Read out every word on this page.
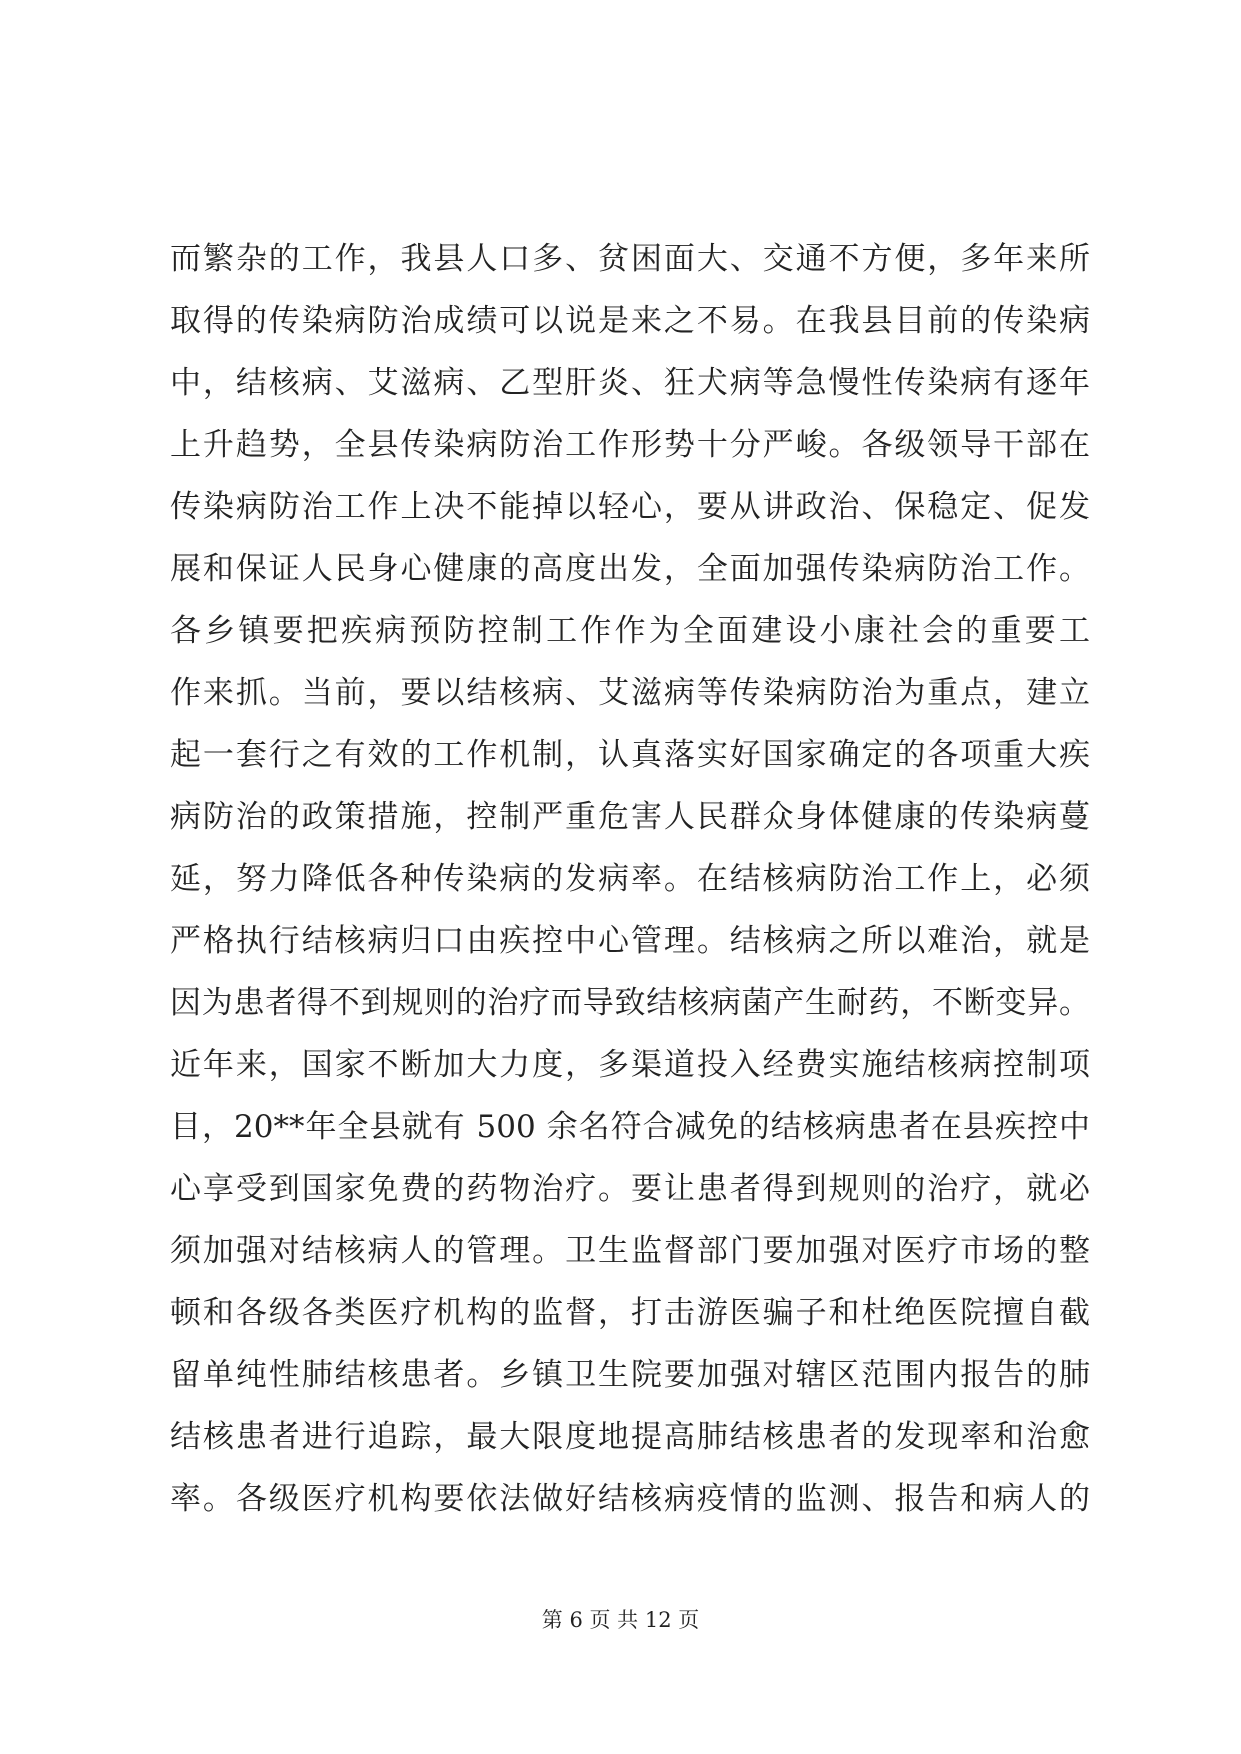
而繁杂的工作，我县人口多、贫困面大、交通不方便，多年来所
取得的传染病防治成绩可以说是来之不易。在我县目前的传染病
中，结核病、艾滋病、乙型肝炎、狂犬病等急慢性传染病有逐年
上升趋势，全县传染病防治工作形势十分严峻。各级领导干部在
传染病防治工作上决不能掉以轻心，要从讲政治、保稳定、促发
展和保证人民身心健康的高度出发，全面加强传染病防治工作。
各乡镇要把疾病预防控制工作作为全面建设小康社会的重要工
作来抓。当前，要以结核病、艾滋病等传染病防治为重点，建立
起一套行之有效的工作机制，认真落实好国家确定的各项重大疾
病防治的政策措施，控制严重危害人民群众身体健康的传染病蔓
延，努力降低各种传染病的发病率。在结核病防治工作上，必须
严格执行结核病归口由疾控中心管理。结核病之所以难治，就是
因为患者得不到规则的治疗而导致结核病菌产生耐药，不断变异。
近年来，国家不断加大力度，多渠道投入经费实施结核病控制项
目，20**年全县就有 500 余名符合减免的结核病患者在县疾控中
心享受到国家免费的药物治疗。要让患者得到规则的治疗，就必
须加强对结核病人的管理。卫生监督部门要加强对医疗市场的整
顿和各级各类医疗机构的监督，打击游医骗子和杜绝医院擅自截
留单纯性肺结核患者。乡镇卫生院要加强对辖区范围内报告的肺
结核患者进行追踪，最大限度地提高肺结核患者的发现率和治愈
率。各级医疗机构要依法做好结核病疫情的监测、报告和病人的
第 6 页 共 12 页
